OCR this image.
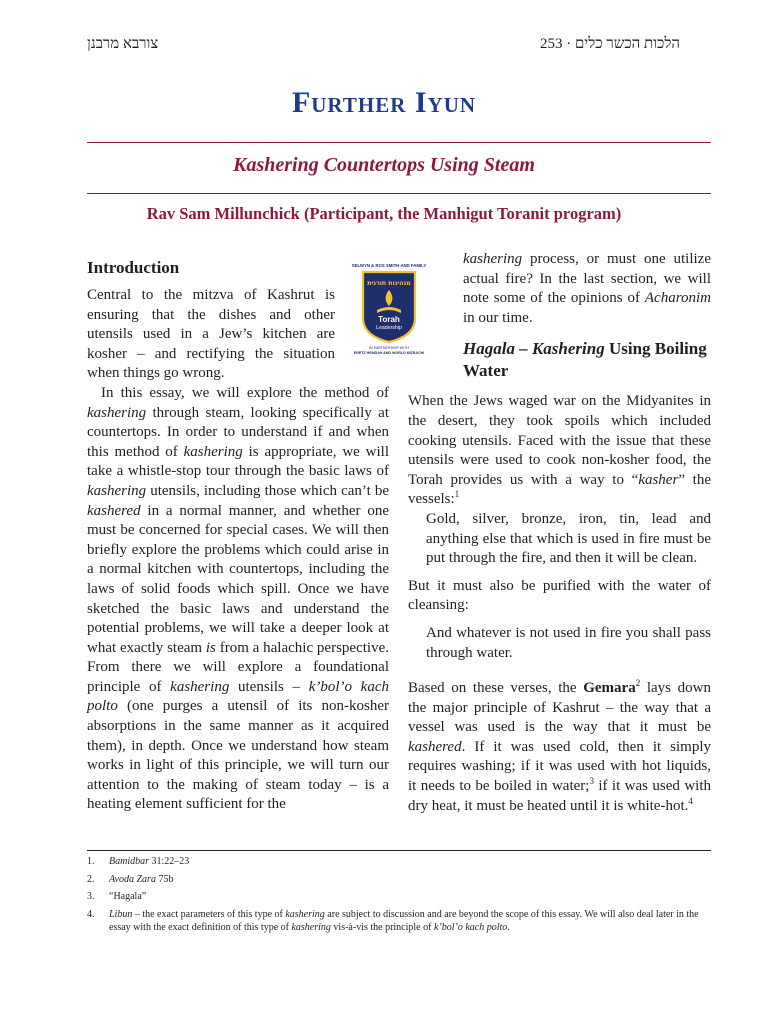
צורבא מרבנן	253 · הלכות הכשר כלים
Further Iyun
Kashering Countertops Using Steam
Rav Sam Millunchick (Participant, the Manhigut Toranit program)
SELWYN & ROS SMITH AND FAMILY
מנהיגות תורנית
Torah
Leadership
IN PARTNERSHIP WITH
ERETZ HEMDAH AND WORLD MIZRACHI
Introduction

Central to the mitzva of Kashrut is ensuring that the dishes and other utensils used in a Jew’s kitchen are kosher – and rectifying the situation when things go wrong.

In this essay, we will explore the method of kashering through steam, looking specifically at countertops. In order to understand if and when this method of kashering is appropriate, we will take a whistle-stop tour through the basic laws of kashering utensils, including those which can’t be kashered in a normal manner, and whether one must be concerned for special cases. We will then briefly explore the problems which could arise in a normal kitchen with countertops, including the laws of solid foods which spill. Once we have sketched the basic laws and understand the potential problems, we will take a deeper look at what exactly steam is from a halachic perspective. From there we will explore a foundational principle of kashering utensils – k’bol’o kach polto (one purges a utensil of its non-kosher absorptions in the same manner as it acquired them), in depth. Once we understand how steam works in light of this principle, we will turn our attention to the making of steam today – is a heating element sufficient for the

kashering process, or must one utilize actual fire? In the last section, we will note some of the opinions of Acharonim in our time.

Hagala – Kashering Using Boiling Water

When the Jews waged war on the Midyanites in the desert, they took spoils which included cooking utensils. Faced with the issue that these utensils were used to cook non-kosher food, the Torah provides us with a way to “kasher” the vessels:$^1$

Gold, silver, bronze, iron, tin, lead and anything else that which is used in fire must be put through the fire, and then it will be clean.

But it must also be purified with the water of cleansing:

And whatever is not used in fire you shall pass through water.

Based on these verses, the Gemara$^2$ lays down the major principle of Kashrut – the way that a vessel was used is the way that it must be kashered. If it was used cold, then it simply requires washing; if it was used with hot liquids, it needs to be boiled in water;$^3$ if it was used with dry heat, it must be heated until it is white-hot.$^4$

1.	Bamidbar 31:22–23
2.	Avoda Zara 75b
3.	“Hagala”
4.	Libun – the exact parameters of this type of kashering are subject to discussion and are beyond the scope of this essay. We will also deal later in the essay with the exact definition of this type of kashering vis-à-vis the principle of k’bol’o kach polto.
